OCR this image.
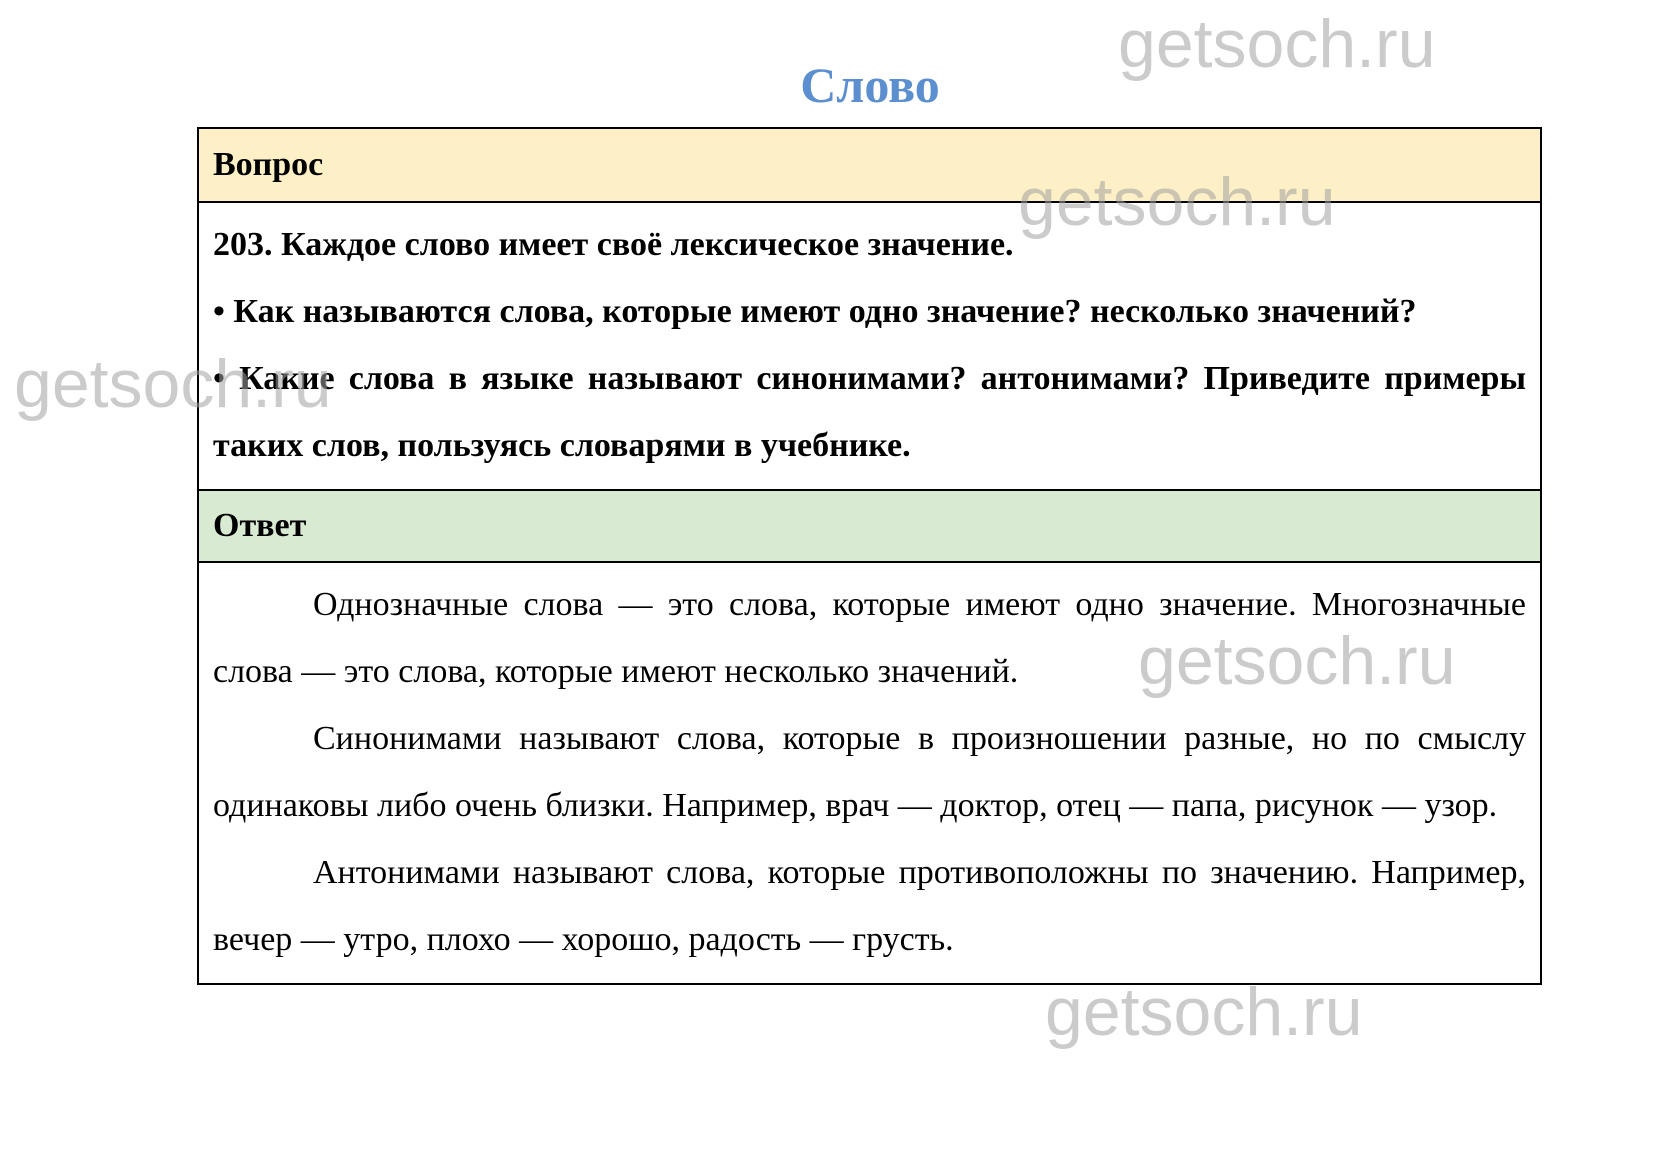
getsoch.ru
getsoch.ru
getsoch.ru
getsoch.ru
getsoch.ru
Слово
Вопрос

203. Каждое слово имеет своё лексическое значение.

• Как называются слова, которые имеют одно значение? несколько значений?

• Какие слова в языке называют синонимами? антонимами? Приведите примеры таких слов, пользуясь словарями в учебнике.

Ответ

Однозначные слова — это слова, которые имеют одно значение. Многозначные слова — это слова, которые имеют несколько значений.

Синонимами называют слова, которые в произношении разные, но по смыслу одинаковы либо очень близки. Например, врач — доктор, отец — папа, рисунок — узор.

Антонимами называют слова, которые противоположны по значению. Например, вечер — утро, плохо — хорошо, радость — грусть.
